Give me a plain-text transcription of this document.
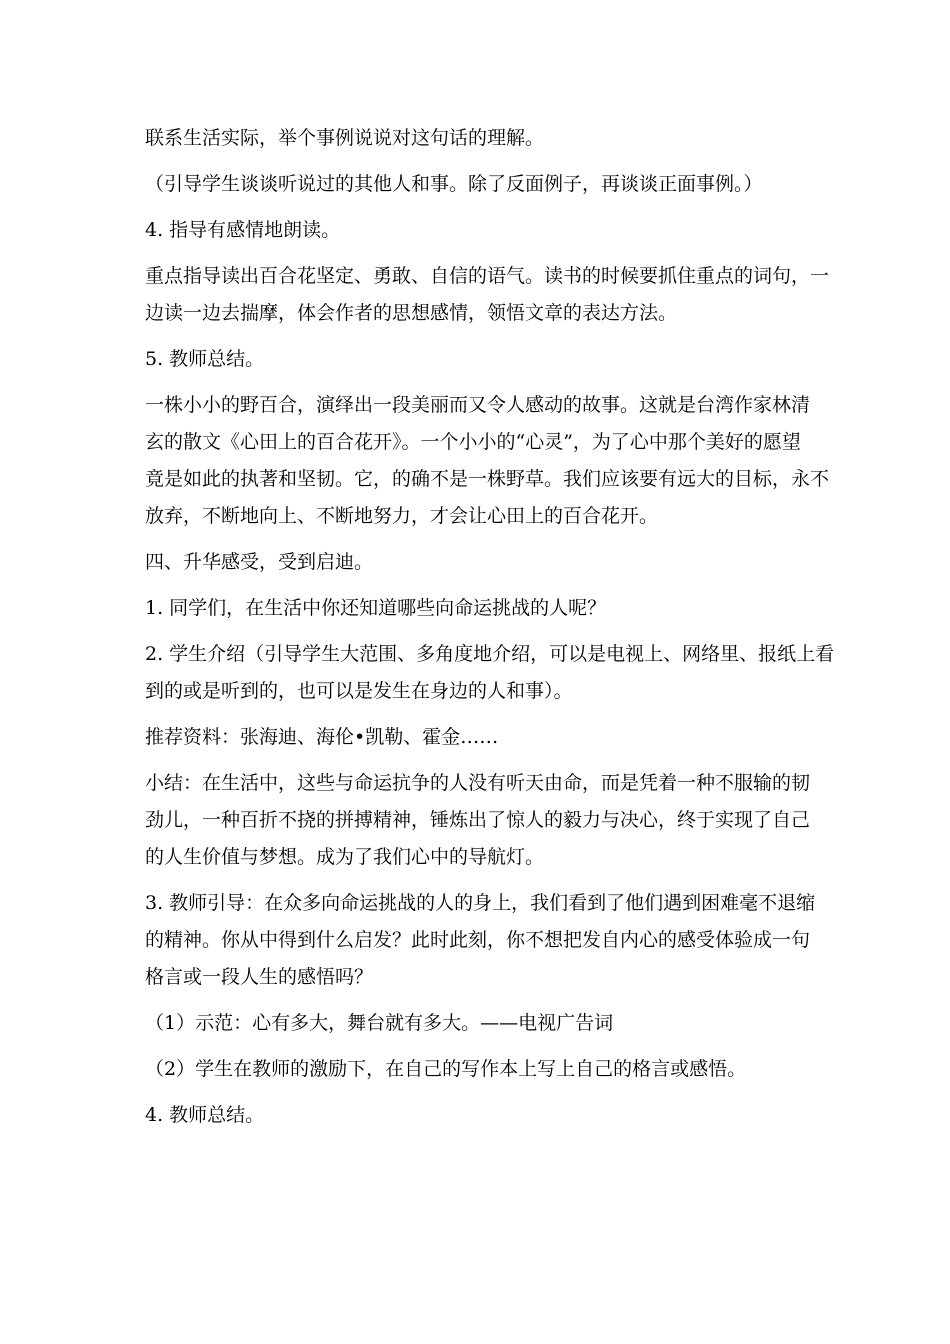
联系生活实际，举个事例说说对这句话的理解。

（引导学生谈谈听说过的其他人和事。除了反面例子，再谈谈正面事例。）

4. 指导有感情地朗读。

重点指导读出百合花坚定、勇敢、自信的语气。读书的时候要抓住重点的词句，一

边读一边去揣摩，体会作者的思想感情，领悟文章的表达方法。

5. 教师总结。

一株小小的野百合，演绎出一段美丽而又令人感动的故事。这就是台湾作家林清

玄的散文《心田上的百合花开》。一个小小的“心灵”，为了心中那个美好的愿望

竟是如此的执著和坚韧。它，的确不是一株野草。我们应该要有远大的目标，永不

放弃，不断地向上、不断地努力，才会让心田上的百合花开。

四、升华感受，受到启迪。

1. 同学们，在生活中你还知道哪些向命运挑战的人呢？

2. 学生介绍（引导学生大范围、多角度地介绍，可以是电视上、网络里、报纸上看

到的或是听到的，也可以是发生在身边的人和事）。

推荐资料：张海迪、海伦•凯勒、霍金……

小结：在生活中，这些与命运抗争的人没有听天由命，而是凭着一种不服输的韧

劲儿，一种百折不挠的拼搏精神，锤炼出了惊人的毅力与决心，终于实现了自己

的人生价值与梦想。成为了我们心中的导航灯。

3. 教师引导：在众多向命运挑战的人的身上，我们看到了他们遇到困难毫不退缩

的精神。你从中得到什么启发？此时此刻，你不想把发自内心的感受体验成一句

格言或一段人生的感悟吗？

（1）示范：心有多大，舞台就有多大。——电视广告词

（2）学生在教师的激励下，在自己的写作本上写上自己的格言或感悟。

4. 教师总结。
